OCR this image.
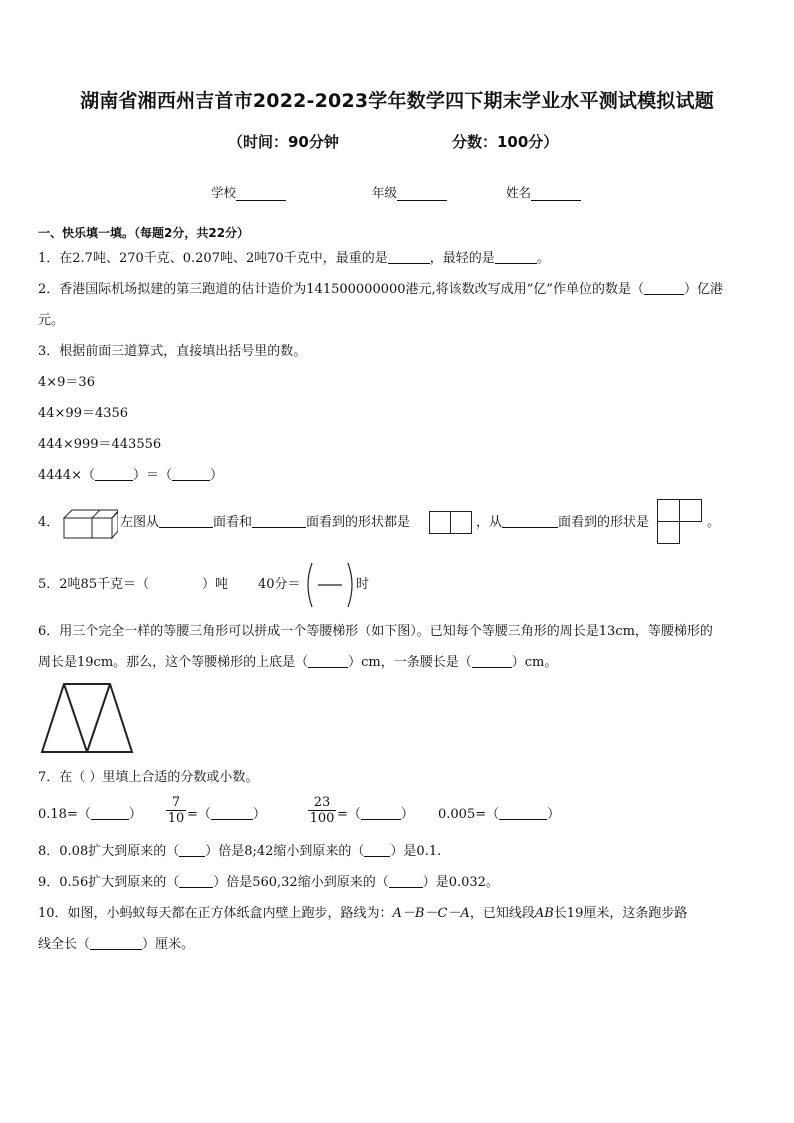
湖南省湘西州吉首市2022-2023学年数学四下期末学业水平测试模拟试题
（时间：90分钟	分数：100分）
学校	年级	姓名
一、快乐填一填。（每题2分，共22分）
1．在2.7吨、270千克、0.207吨、2吨70千克中，最重的是	，最轻的是	。
2．香港国际机场拟建的第三跑道的估计造价为141500000000港元,将该数改写成用“亿”作单位的数是（	）亿港
元。
3．根据前面三道算式，直接填出括号里的数。
4×9＝36
44×99＝4356
444×999＝443556
4444×（	）＝（	）
4．	左图从	面看和	面看到的形状都是	，从	面看到的形状是	。
5．2吨85千克＝（	）吨 40分＝	时
6．用三个完全一样的等腰三角形可以拼成一个等腰梯形（如下图）。已知每个等腰三角形的周长是13cm，等腰梯形的
周长是19cm。那么，这个等腰梯形的上底是（	）cm，一条腰长是（	）cm。
7．在（ ）里填上合适的分数或小数。
0.18=（	） $\frac{7}{10}$ =（	）	$\frac{23}{100}$ =（	） 0.005=（	）
8．0.08扩大到原来的（ ）倍是8;42缩小到原来的（ ）是0.1.
9．0.56扩大到原来的（	）倍是560,32缩小到原来的（	）是0.032。
10．如图，小蚂蚁每天都在正方体纸盒内壁上跑步，路线为：A－B－C－A，已知线段AB长19厘米，这条跑步路
线全长（	）厘米。
